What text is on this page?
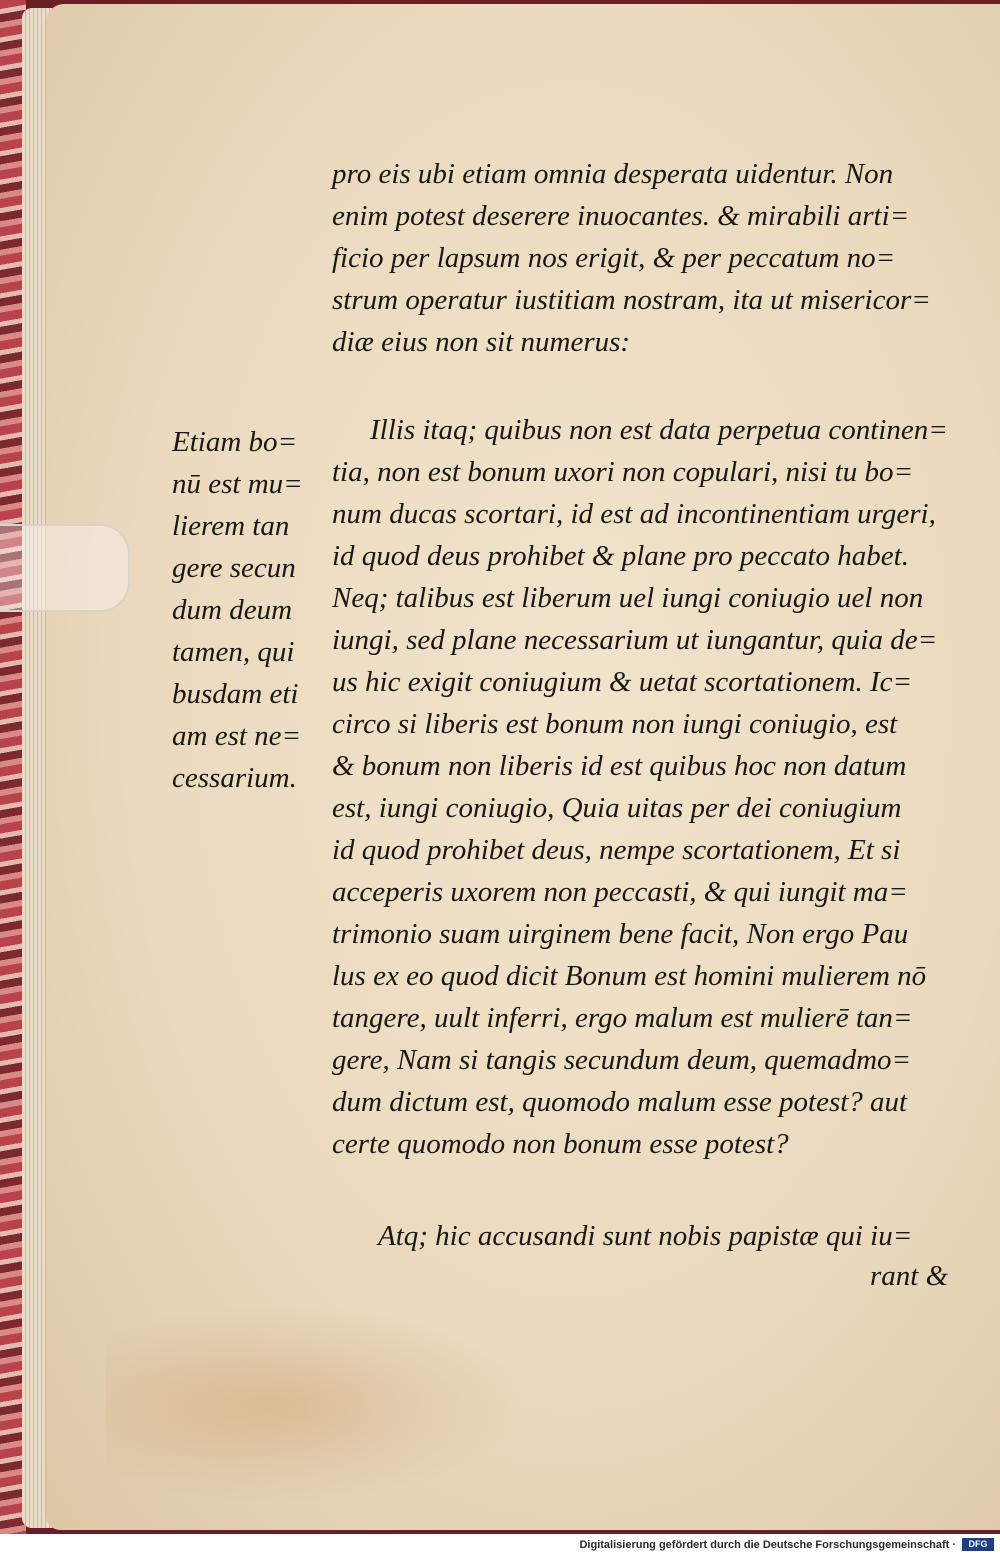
pro eis ubi etiam omnia desperata uidentur. Non

enim potest deserere inuocantes. & mirabili arti=

ficio per lapsum nos erigit, & per peccatum no=

strum operatur iustitiam nostram, ita ut misericor=

diæ eius non sit numerus:

Illis itaq; quibus non est data perpetua continen=

tia, non est bonum uxori non copulari, nisi tu bo=

num ducas scortari, id est ad incontinentiam urgeri,

id quod deus prohibet & plane pro peccato habet.

Neq; talibus est liberum uel iungi coniugio uel non

iungi, sed plane necessarium ut iungantur, quia de=

us hic exigit coniugium & uetat scortationem. Ic=

circo si liberis est bonum non iungi coniugio, est

& bonum non liberis id est quibus hoc non datum

est, iungi coniugio, Quia uitas per dei coniugium

id quod prohibet deus, nempe scortationem, Et si

acceperis uxorem non peccasti, & qui iungit ma=

trimonio suam uirginem bene facit, Non ergo Pau

lus ex eo quod dicit Bonum est homini mulierem nō

tangere, uult inferri, ergo malum est mulierē tan=

gere, Nam si tangis secundum deum, quemadmo=

dum dictum est, quomodo malum esse potest? aut

certe quomodo non bonum esse potest?

Atq; hic accusandi sunt nobis papistæ qui iu=

rant &

Etiam bo=

nū est mu=

lierem tan

gere secun

dum deum

tamen, qui

busdam eti

am est ne=

cessarium.

Digitalisierung gefördert durch die Deutsche Forschungsgemeinschaft ·	DFG
